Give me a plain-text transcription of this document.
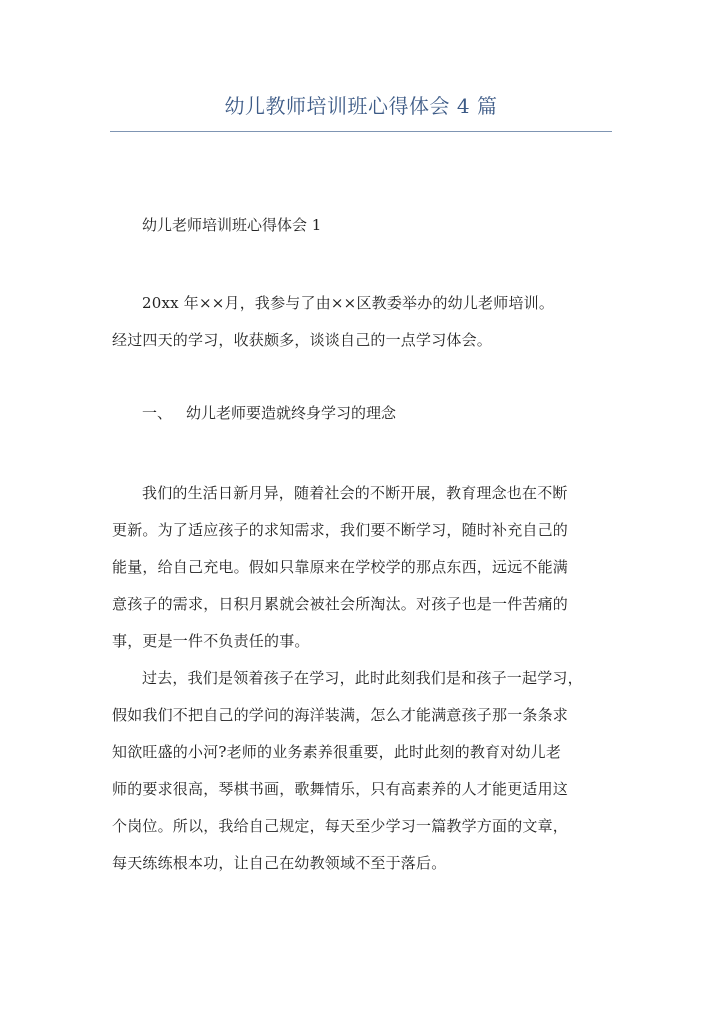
幼儿教师培训班心得体会 4 篇
幼儿老师培训班心得体会 1
20xx 年××月，我参与了由××区教委举办的幼儿老师培训。
经过四天的学习，收获颇多，谈谈自己的一点学习体会。
一、 幼儿老师要造就终身学习的理念
我们的生活日新月异，随着社会的不断开展，教育理念也在不断
更新。为了适应孩子的求知需求，我们要不断学习，随时补充自己的
能量，给自己充电。假如只靠原来在学校学的那点东西，远远不能满
意孩子的需求，日积月累就会被社会所淘汰。对孩子也是一件苦痛的
事，更是一件不负责任的事。
过去，我们是领着孩子在学习，此时此刻我们是和孩子一起学习，
假如我们不把自己的学问的海洋装满，怎么才能满意孩子那一条条求
知欲旺盛的小河?老师的业务素养很重要，此时此刻的教育对幼儿老
师的要求很高，琴棋书画，歌舞情乐，只有高素养的人才能更适用这
个岗位。所以，我给自己规定，每天至少学习一篇教学方面的文章，
每天练练根本功，让自己在幼教领域不至于落后。
